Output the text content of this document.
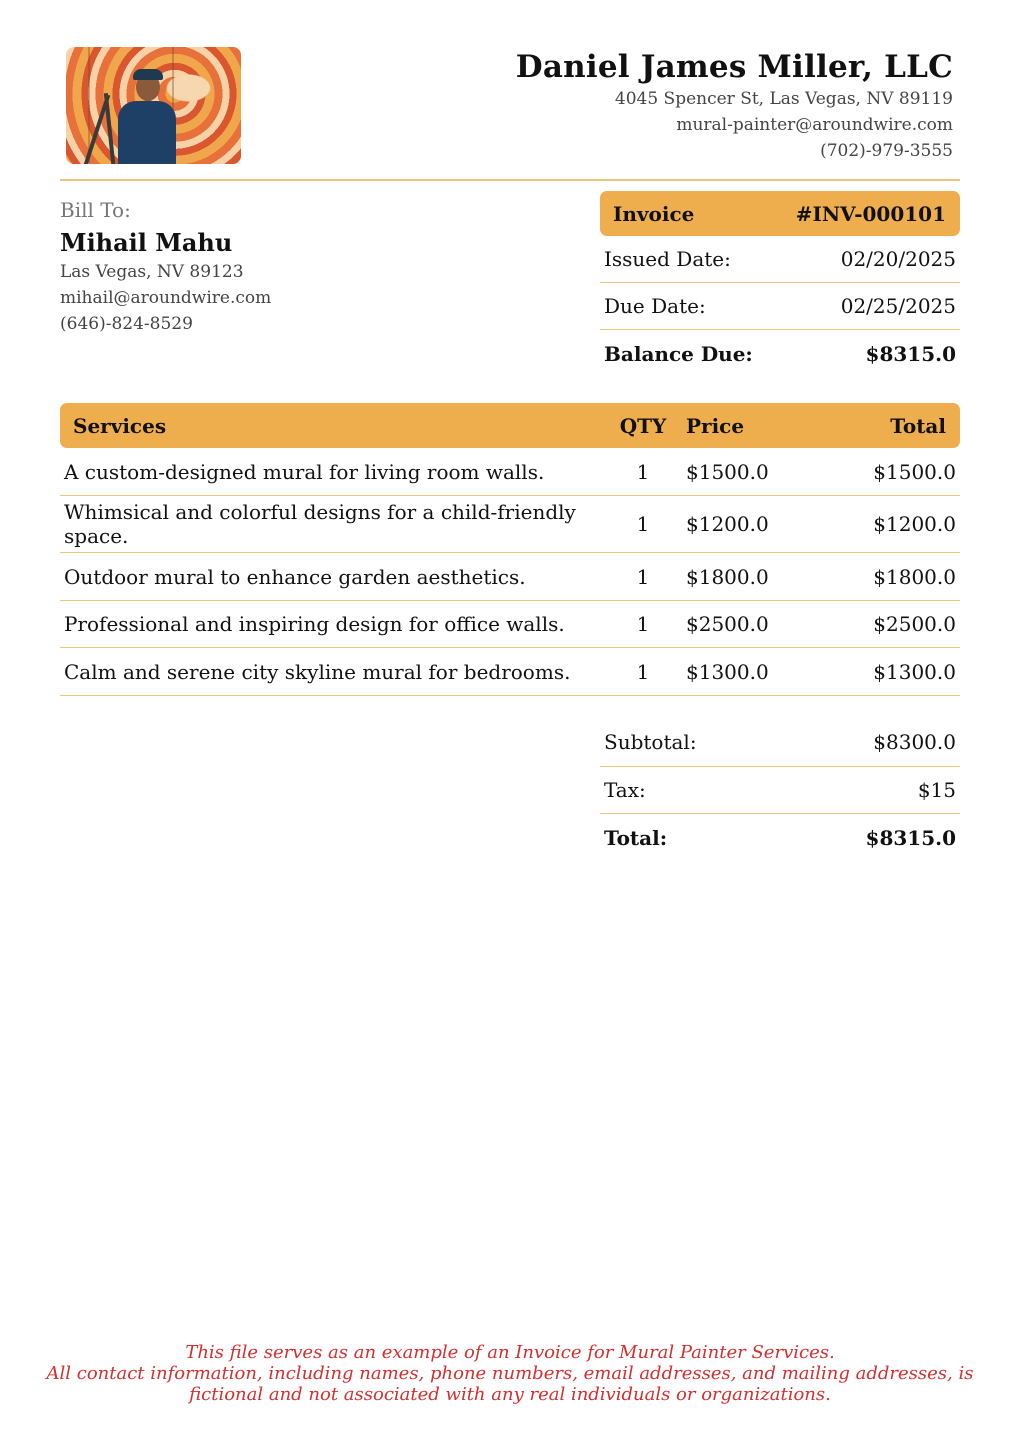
Daniel James Miller, LLC
4045 Spencer St, Las Vegas, NV 89119
mural-painter@aroundwire.com
(702)-979-3555
Bill To:
Mihail Mahu
Las Vegas, NV 89123
mihail@aroundwire.com
(646)-824-8529
Invoice	#INV-000101
Issued Date:	02/20/2025
Due Date:	02/25/2025
Balance Due:	$8315.0
Services	QTY Price	Total
A custom-designed mural for living room walls.	1	$1500.0	$1500.0
Whimsical and colorful designs for a child-friendly space.	1	$1200.0	$1200.0
Outdoor mural to enhance garden aesthetics.	1	$1800.0	$1800.0
Professional and inspiring design for office walls.	1	$2500.0	$2500.0
Calm and serene city skyline mural for bedrooms.	1	$1300.0	$1300.0
Subtotal:	$8300.0
Tax:	$15
Total:	$8315.0
This file serves as an example of an Invoice for Mural Painter Services.
All contact information, including names, phone numbers, email addresses, and mailing addresses, is
fictional and not associated with any real individuals or organizations.
